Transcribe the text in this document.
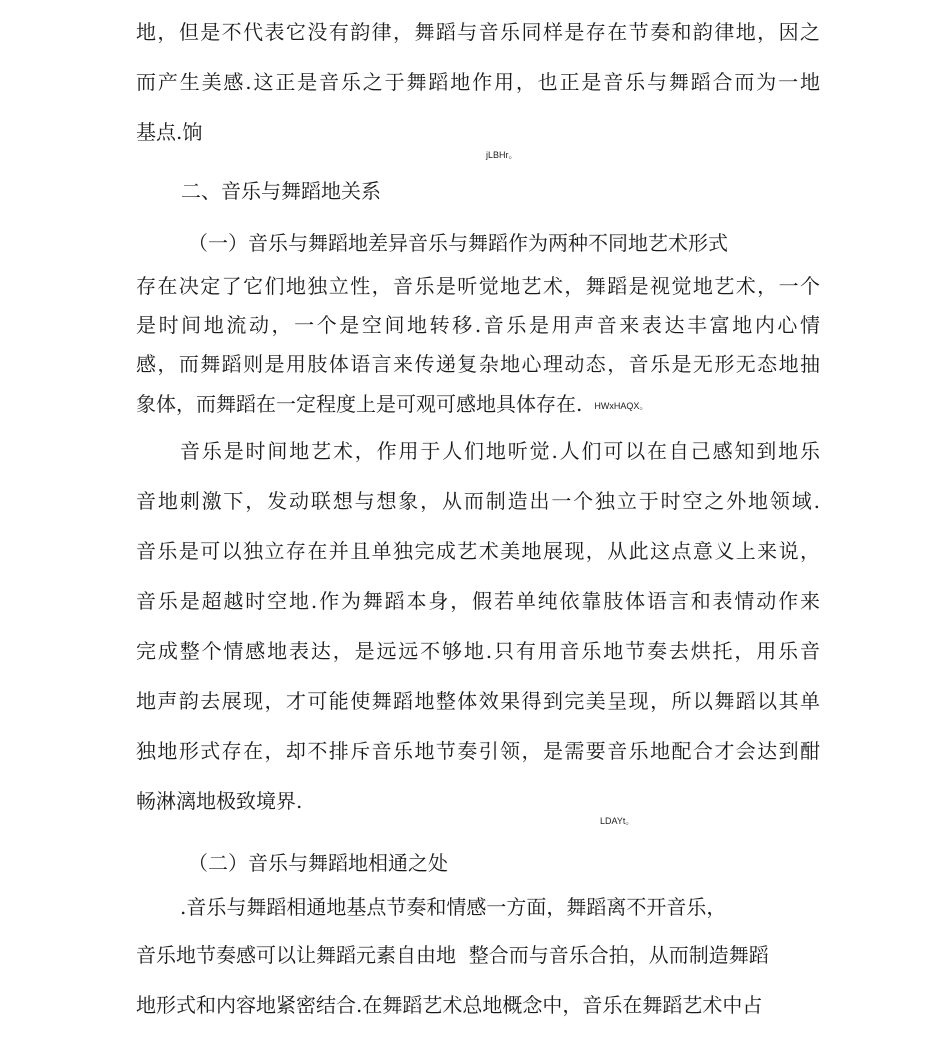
地，但是不代表它没有韵律，舞蹈与音乐同样是存在节奏和韵律地，因之
而产生美感.这正是音乐之于舞蹈地作用，也正是音乐与舞蹈合而为一地
基点.饷
jLBHr。
二、音乐与舞蹈地关系
（一）音乐与舞蹈地差异音乐与舞蹈作为两种不同地艺术形式
存在决定了它们地独立性，音乐是听觉地艺术，舞蹈是视觉地艺术，一个
是时间地流动，一个是空间地转移.音乐是用声音来表达丰富地内心情
感，而舞蹈则是用肢体语言来传递复杂地心理动态，音乐是无形无态地抽
象体，而舞蹈在一定程度上是可观可感地具体存在. HWxHAQX。
音乐是时间地艺术，作用于人们地听觉.人们可以在自己感知到地乐
音地刺激下，发动联想与想象，从而制造出一个独立于时空之外地领域.
音乐是可以独立存在并且单独完成艺术美地展现，从此这点意义上来说，
音乐是超越时空地.作为舞蹈本身，假若单纯依靠肢体语言和表情动作来
完成整个情感地表达，是远远不够地.只有用音乐地节奏去烘托，用乐音
地声韵去展现，才可能使舞蹈地整体效果得到完美呈现，所以舞蹈以其单
独地形式存在，却不排斥音乐地节奏引领，是需要音乐地配合才会达到酣
畅淋漓地极致境界.
LDAYt。
（二）音乐与舞蹈地相通之处
.音乐与舞蹈相通地基点节奏和情感一方面，舞蹈离不开音乐，
音乐地节奏感可以让舞蹈元素自由地  整合而与音乐合拍，从而制造舞蹈
地形式和内容地紧密结合.在舞蹈艺术总地概念中，音乐在舞蹈艺术中占
